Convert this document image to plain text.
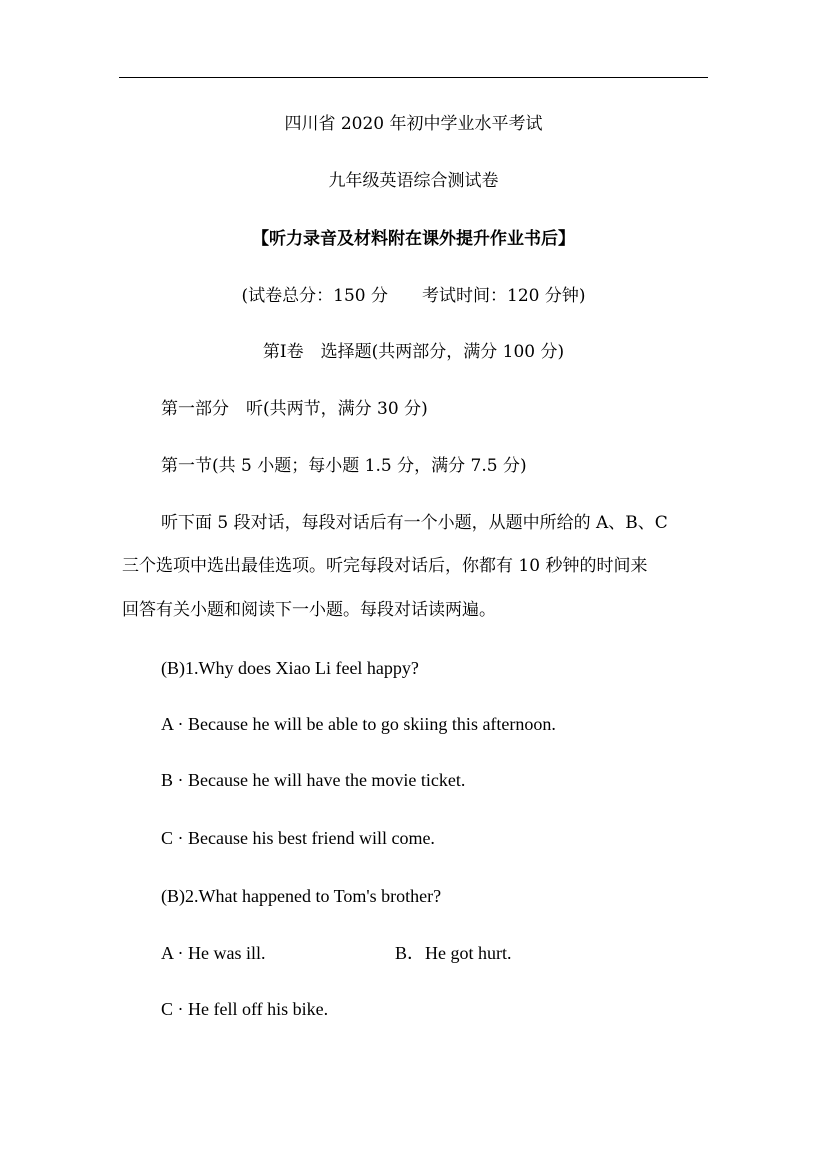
四川省 2020 年初中学业水平考试
九年级英语综合测试卷
【听力录音及材料附在课外提升作业书后】
(试卷总分：150 分　　考试时间：120 分钟)
第Ⅰ卷　选择题(共两部分，满分 100 分)
第一部分　听(共两节，满分 30 分)
第一节(共 5 小题；每小题 1.5 分，满分 7.5 分)
听下面 5 段对话，每段对话后有一个小题，从题中所给的 A、B、C
三个选项中选出最佳选项。听完每段对话后，你都有 10 秒钟的时间来
回答有关小题和阅读下一小题。每段对话读两遍。
(B)1.Why does Xiao Li feel happy?
A · Because he will be able to go skiing this afternoon.
B · Because he will have the movie ticket.
C · Because his best friend will come.
(B)2.What happened to Tom's brother?
A · He was ill.	B．He got hurt.
C · He fell off his bike.
